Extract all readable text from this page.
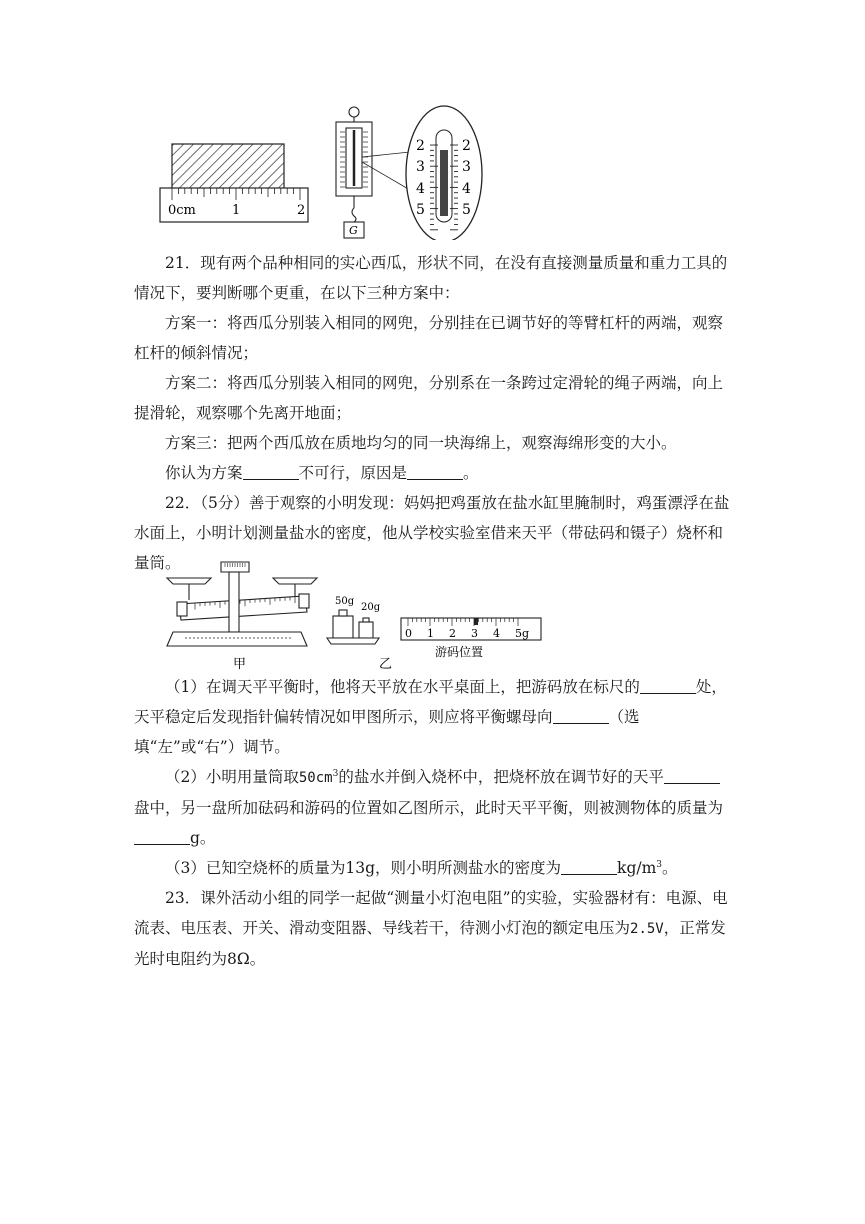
0cm	1	2
G
2
3
4
5
2
3
4
5

21．现有两个品种相同的实心西瓜，形状不同，在没有直接测量质量和重力工具的情况下，要判断哪个更重，在以下三种方案中：

方案一：将西瓜分别装入相同的网兜，分别挂在已调节好的等臂杠杆的两端，观察杠杆的倾斜情况；

方案二：将西瓜分别装入相同的网兜，分别系在一条跨过定滑轮的绳子两端，向上提滑轮，观察哪个先离开地面；

方案三：把两个西瓜放在质地均匀的同一块海绵上，观察海绵形变的大小。

你认为方案	不可行，原因是	。

22．（5分）善于观察的小明发现：妈妈把鸡蛋放在盐水缸里腌制时，鸡蛋漂浮在盐水面上，小明计划测量盐水的密度，他从学校实验室借来天平（带砝码和镊子）烧杯和量筒。

甲
50g
20g
乙
0 1 2 3 4 5g
游码位置

（1）在调天平平衡时，他将天平放在水平桌面上，把游码放在标尺的	处，天平稳定后发现指针偏转情况如甲图所示，则应将平衡螺母向	（选填“左”或“右”）调节。

（2）小明用量筒取$50cm^3$的盐水并倒入烧杯中，把烧杯放在调节好的天平盘中，另一盘所加砝码和游码的位置如乙图所示，此时天平平衡，则被测物体的质量为g。

（3）已知空烧杯的质量为13g，则小明所测盐水的密度为	$kg/m^3$。

23．课外活动小组的同学一起做“测量小灯泡电阻”的实验，实验器材有：电源、电流表、电压表、开关、滑动变阻器、导线若干，待测小灯泡的额定电压为2.5V，正常发光时电阻约为8Ω。
